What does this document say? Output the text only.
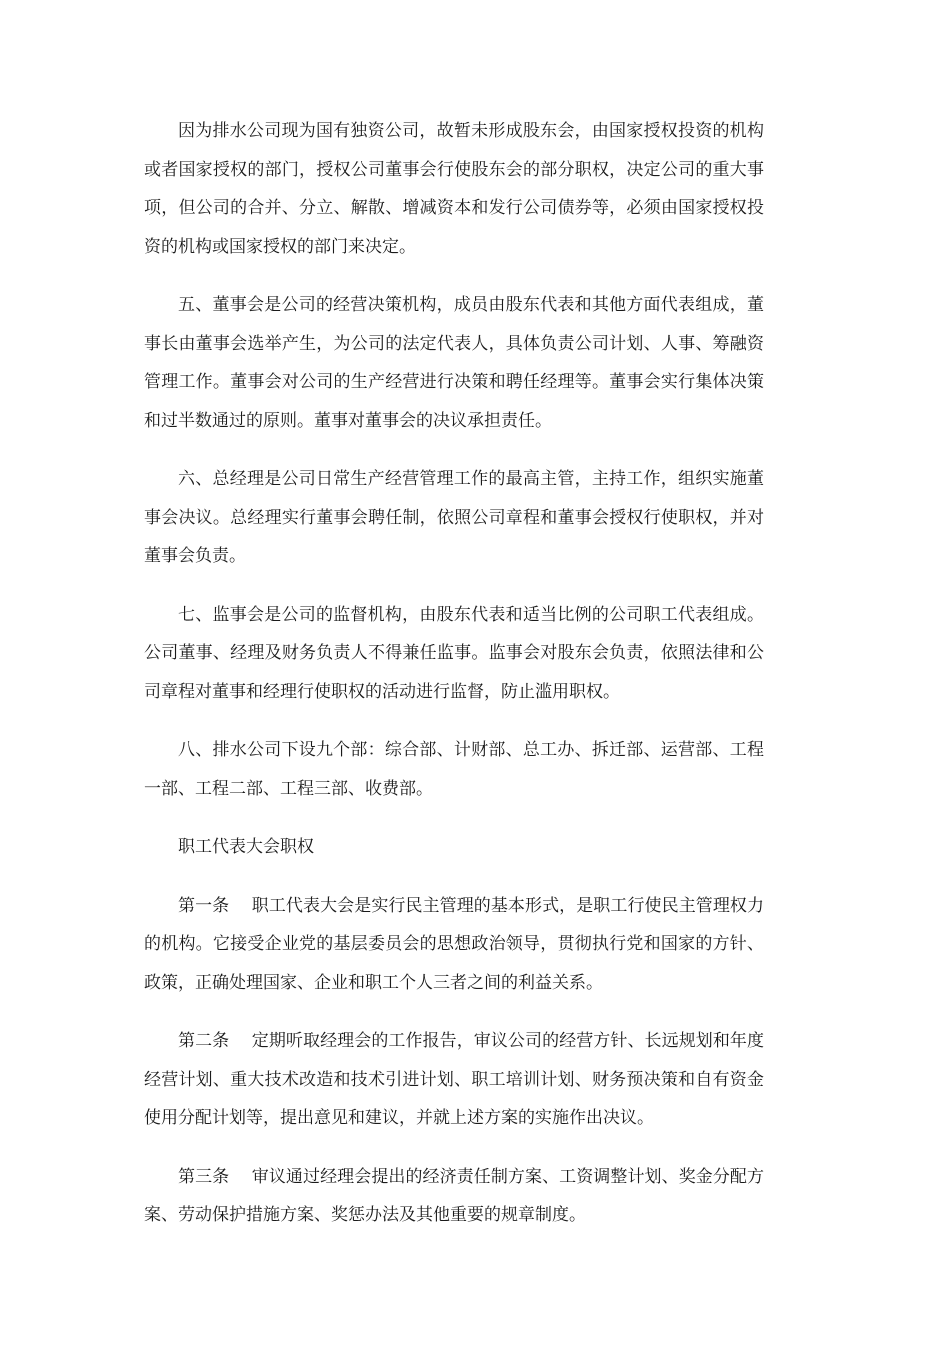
因为排水公司现为国有独资公司，故暂未形成股东会，由国家授权投资的机构或者国家授权的部门，授权公司董事会行使股东会的部分职权，决定公司的重大事项，但公司的合并、分立、解散、增减资本和发行公司债券等，必须由国家授权投资的机构或国家授权的部门来决定。

五、董事会是公司的经营决策机构，成员由股东代表和其他方面代表组成，董事长由董事会选举产生，为公司的法定代表人，具体负责公司计划、人事、筹融资管理工作。董事会对公司的生产经营进行决策和聘任经理等。董事会实行集体决策和过半数通过的原则。董事对董事会的决议承担责任。

六、总经理是公司日常生产经营管理工作的最高主管，主持工作，组织实施董事会决议。总经理实行董事会聘任制，依照公司章程和董事会授权行使职权，并对董事会负责。

七、监事会是公司的监督机构，由股东代表和适当比例的公司职工代表组成。公司董事、经理及财务负责人不得兼任监事。监事会对股东会负责，依照法律和公司章程对董事和经理行使职权的活动进行监督，防止滥用职权。

八、排水公司下设九个部：综合部、计财部、总工办、拆迁部、运营部、工程一部、工程二部、工程三部、收费部。

职工代表大会职权

第一条　 职工代表大会是实行民主管理的基本形式，是职工行使民主管理权力的机构。它接受企业党的基层委员会的思想政治领导，贯彻执行党和国家的方针、政策，正确处理国家、企业和职工个人三者之间的利益关系。

第二条　 定期听取经理会的工作报告，审议公司的经营方针、长远规划和年度经营计划、重大技术改造和技术引进计划、职工培训计划、财务预决策和自有资金使用分配计划等，提出意见和建议，并就上述方案的实施作出决议。

第三条　 审议通过经理会提出的经济责任制方案、工资调整计划、奖金分配方案、劳动保护措施方案、奖惩办法及其他重要的规章制度。
